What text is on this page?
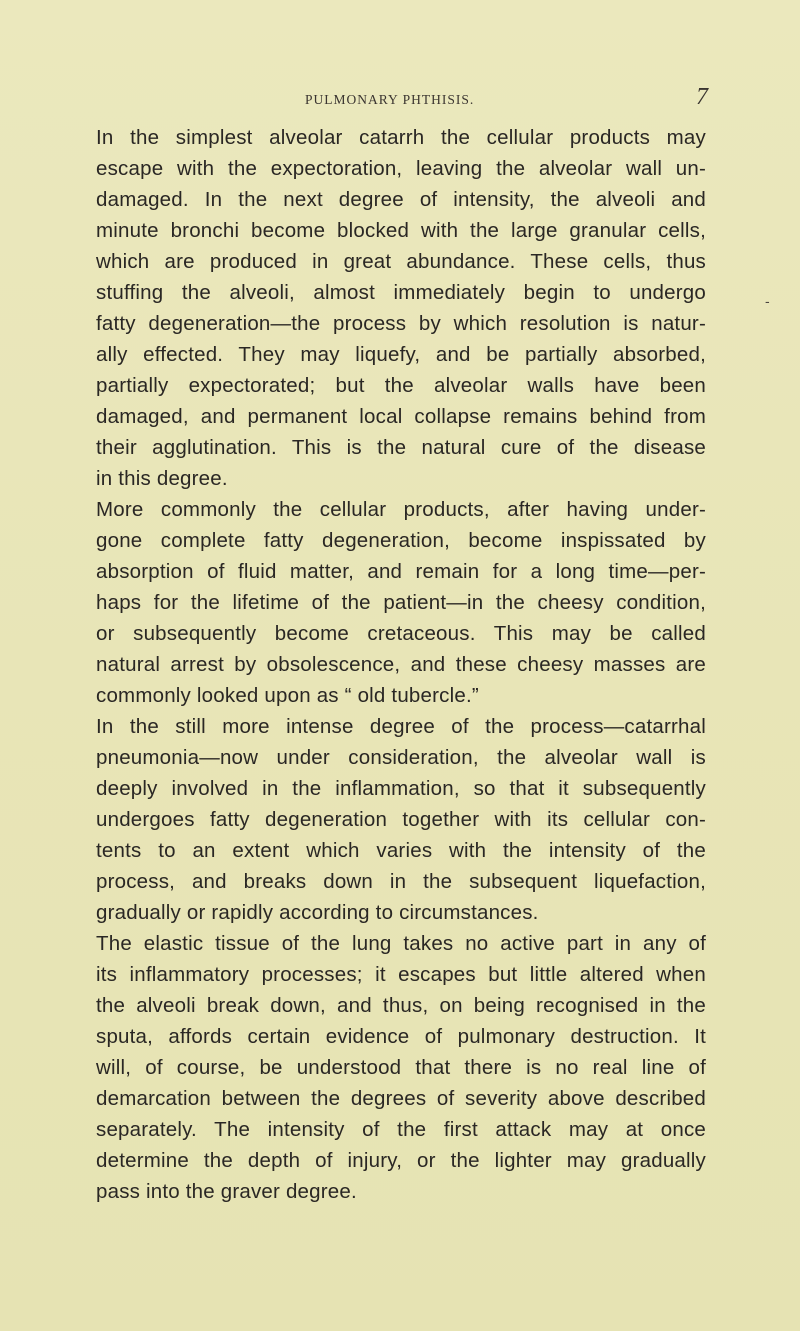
PULMONARY PHTHISIS.	7
-
In the simplest alveolar catarrh the cellular products may
escape with the expectoration, leaving the alveolar wall un-
damaged. In the next degree of intensity, the alveoli and
minute bronchi become blocked with the large granular cells,
which are produced in great abundance. These cells, thus
stuffing the alveoli, almost immediately begin to undergo
fatty degeneration—the process by which resolution is natur-
ally effected. They may liquefy, and be partially absorbed,
partially expectorated; but the alveolar walls have been
damaged, and permanent local collapse remains behind from
their agglutination. This is the natural cure of the disease
in this degree.
More commonly the cellular products, after having under-
gone complete fatty degeneration, become inspissated by
absorption of fluid matter, and remain for a long time—per-
haps for the lifetime of the patient—in the cheesy condition,
or subsequently become cretaceous. This may be called
natural arrest by obsolescence, and these cheesy masses are
commonly looked upon as “ old tubercle.”
In the still more intense degree of the process—catarrhal
pneumonia—now under consideration, the alveolar wall is
deeply involved in the inflammation, so that it subsequently
undergoes fatty degeneration together with its cellular con-
tents to an extent which varies with the intensity of the
process, and breaks down in the subsequent liquefaction,
gradually or rapidly according to circumstances.
The elastic tissue of the lung takes no active part in any of
its inflammatory processes; it escapes but little altered when
the alveoli break down, and thus, on being recognised in the
sputa, affords certain evidence of pulmonary destruction. It
will, of course, be understood that there is no real line of
demarcation between the degrees of severity above described
separately. The intensity of the first attack may at once
determine the depth of injury, or the lighter may gradually
pass into the graver degree.
